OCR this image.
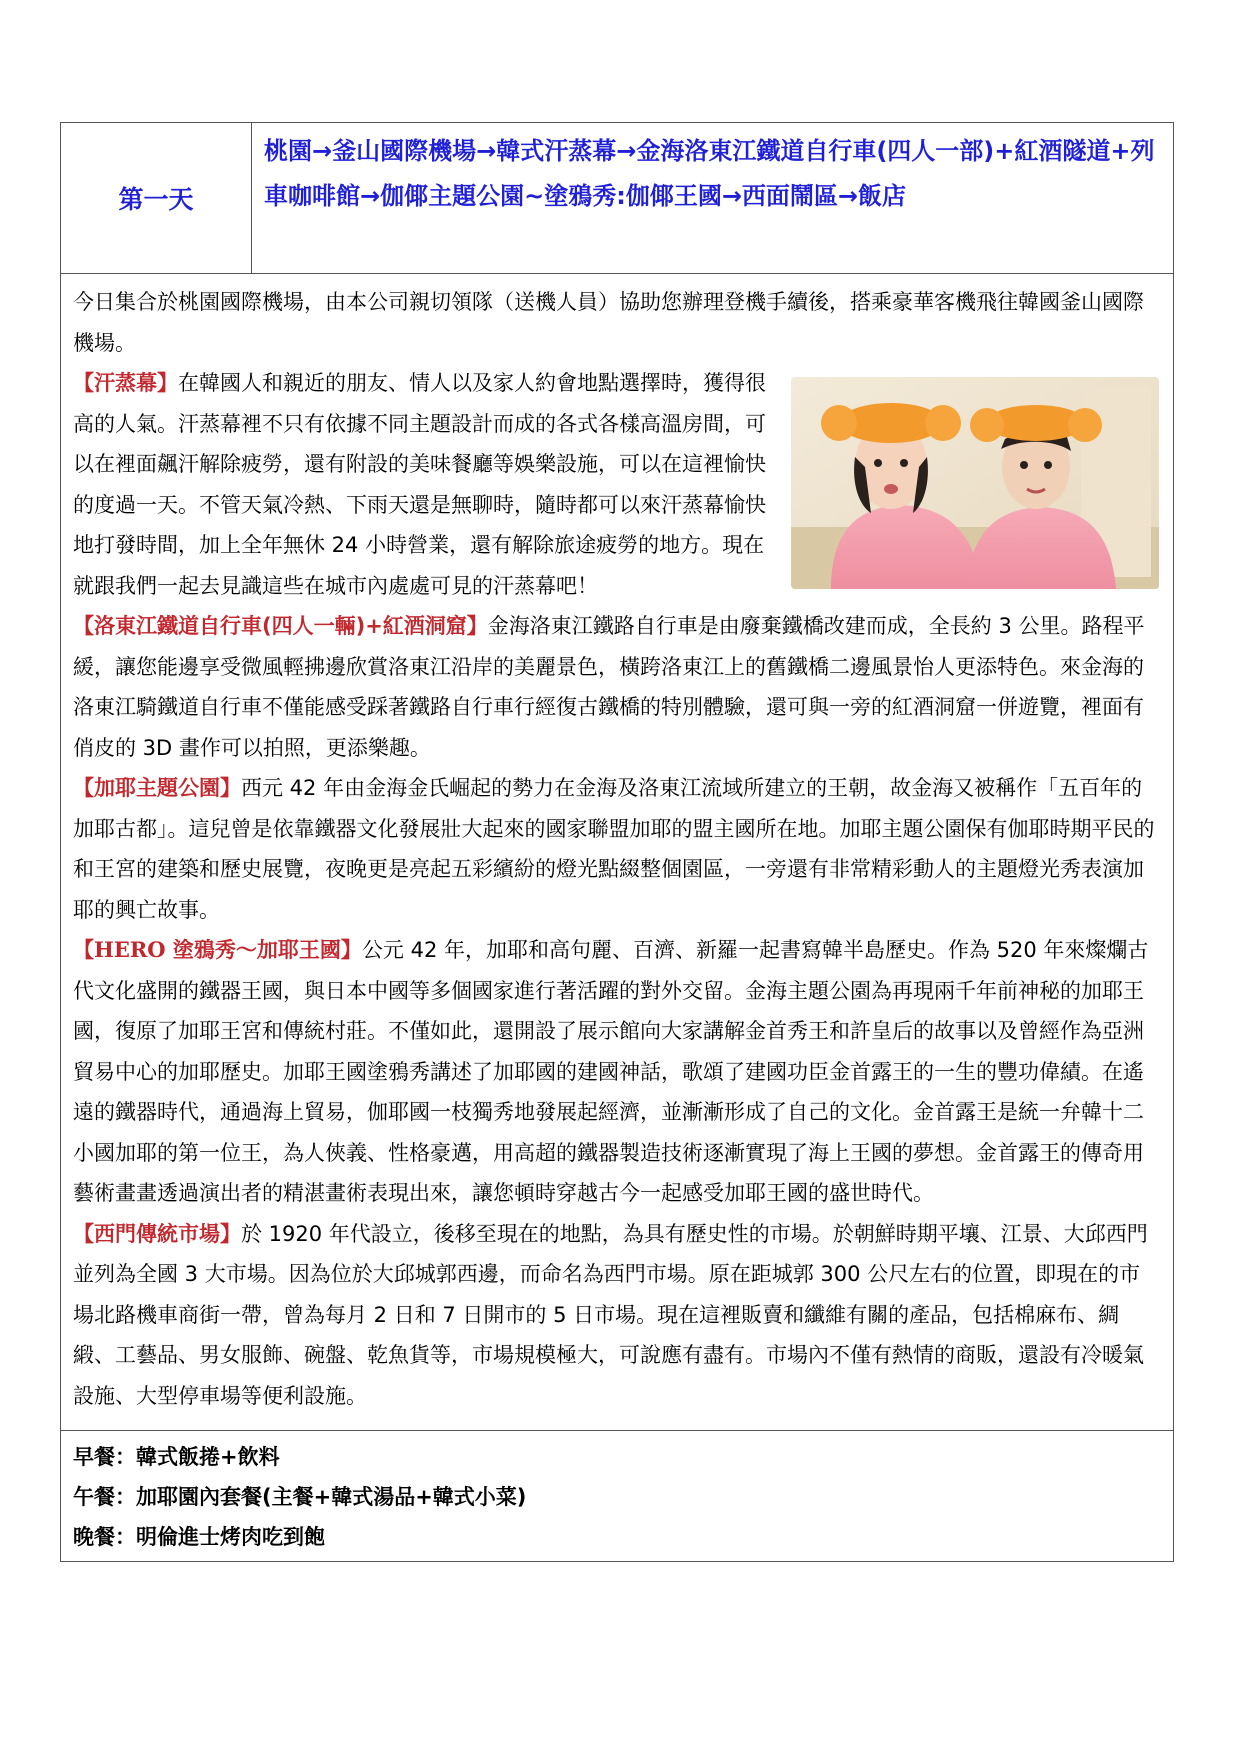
第一天
桃園→釜山國際機場→韓式汗蒸幕→金海洛東江鐵道自行車(四人一部)+紅酒隧道+列車咖啡館→伽倻主題公園~塗鴉秀:伽倻王國→西面鬧區→飯店

今日集合於桃園國際機場，由本公司親切領隊（送機人員）協助您辦理登機手續後，搭乘豪華客機飛往韓國釜山國際機場。

【汗蒸幕】在韓國人和親近的朋友、情人以及家人約會地點選擇時，獲得很高的人氣。汗蒸幕裡不只有依據不同主題設計而成的各式各樣高溫房間，可以在裡面飆汗解除疲勞，還有附設的美味餐廳等娛樂設施，可以在這裡愉快的度過一天。不管天氣冷熱、下雨天還是無聊時，隨時都可以來汗蒸幕愉快地打發時間，加上全年無休 24 小時營業，還有解除旅途疲勞的地方。現在就跟我們一起去見識這些在城市內處處可見的汗蒸幕吧！

【洛東江鐵道自行車(四人一輛)+紅酒洞窟】金海洛東江鐵路自行車是由廢棄鐵橋改建而成，全長約 3 公里。路程平緩，讓您能邊享受微風輕拂邊欣賞洛東江沿岸的美麗景色，橫跨洛東江上的舊鐵橋二邊風景怡人更添特色。來金海的洛東江騎鐵道自行車不僅能感受踩著鐵路自行車行經復古鐵橋的特別體驗，還可與一旁的紅酒洞窟一併遊覽，裡面有俏皮的 3D 畫作可以拍照，更添樂趣。

【加耶主題公園】西元 42 年由金海金氏崛起的勢力在金海及洛東江流域所建立的王朝，故金海又被稱作「五百年的加耶古都」。這兒曾是依靠鐵器文化發展壯大起來的國家聯盟加耶的盟主國所在地。加耶主題公園保有伽耶時期平民的和王宮的建築和歷史展覽，夜晚更是亮起五彩繽紛的燈光點綴整個園區，一旁還有非常精彩動人的主題燈光秀表演加耶的興亡故事。

【HERO 塗鴉秀～加耶王國】公元 42 年，加耶和高句麗、百濟、新羅一起書寫韓半島歷史。作為 520 年來燦爛古代文化盛開的鐵器王國，與日本中國等多個國家進行著活躍的對外交留。金海主題公園為再現兩千年前神秘的加耶王國，復原了加耶王宮和傳統村莊。不僅如此，還開設了展示館向大家講解金首秀王和許皇后的故事以及曾經作為亞洲貿易中心的加耶歷史。加耶王國塗鴉秀講述了加耶國的建國神話，歌頌了建國功臣金首露王的一生的豐功偉績。在遙遠的鐵器時代，通過海上貿易，伽耶國一枝獨秀地發展起經濟，並漸漸形成了自己的文化。金首露王是統一弁韓十二小國加耶的第一位王，為人俠義、性格豪邁，用高超的鐵器製造技術逐漸實現了海上王國的夢想。金首露王的傳奇用藝術畫畫透過演出者的精湛畫術表現出來，讓您頓時穿越古今一起感受加耶王國的盛世時代。

【西門傳統市場】於 1920 年代設立，後移至現在的地點，為具有歷史性的市場。於朝鮮時期平壤、江景、大邱西門並列為全國 3 大市場。因為位於大邱城郭西邊，而命名為西門市場。原在距城郭 300 公尺左右的位置，即現在的市場北路機車商街一帶，曾為每月 2 日和 7 日開市的 5 日市場。現在這裡販賣和纖維有關的產品，包括棉麻布、綢緞、工藝品、男女服飾、碗盤、乾魚貨等，市場規模極大，可說應有盡有。市場內不僅有熱情的商販，還設有冷暖氣設施、大型停車場等便利設施。

早餐：韓式飯捲+飲料
午餐：加耶園內套餐(主餐+韓式湯品+韓式小菜)
晚餐：明倫進士烤肉吃到飽
